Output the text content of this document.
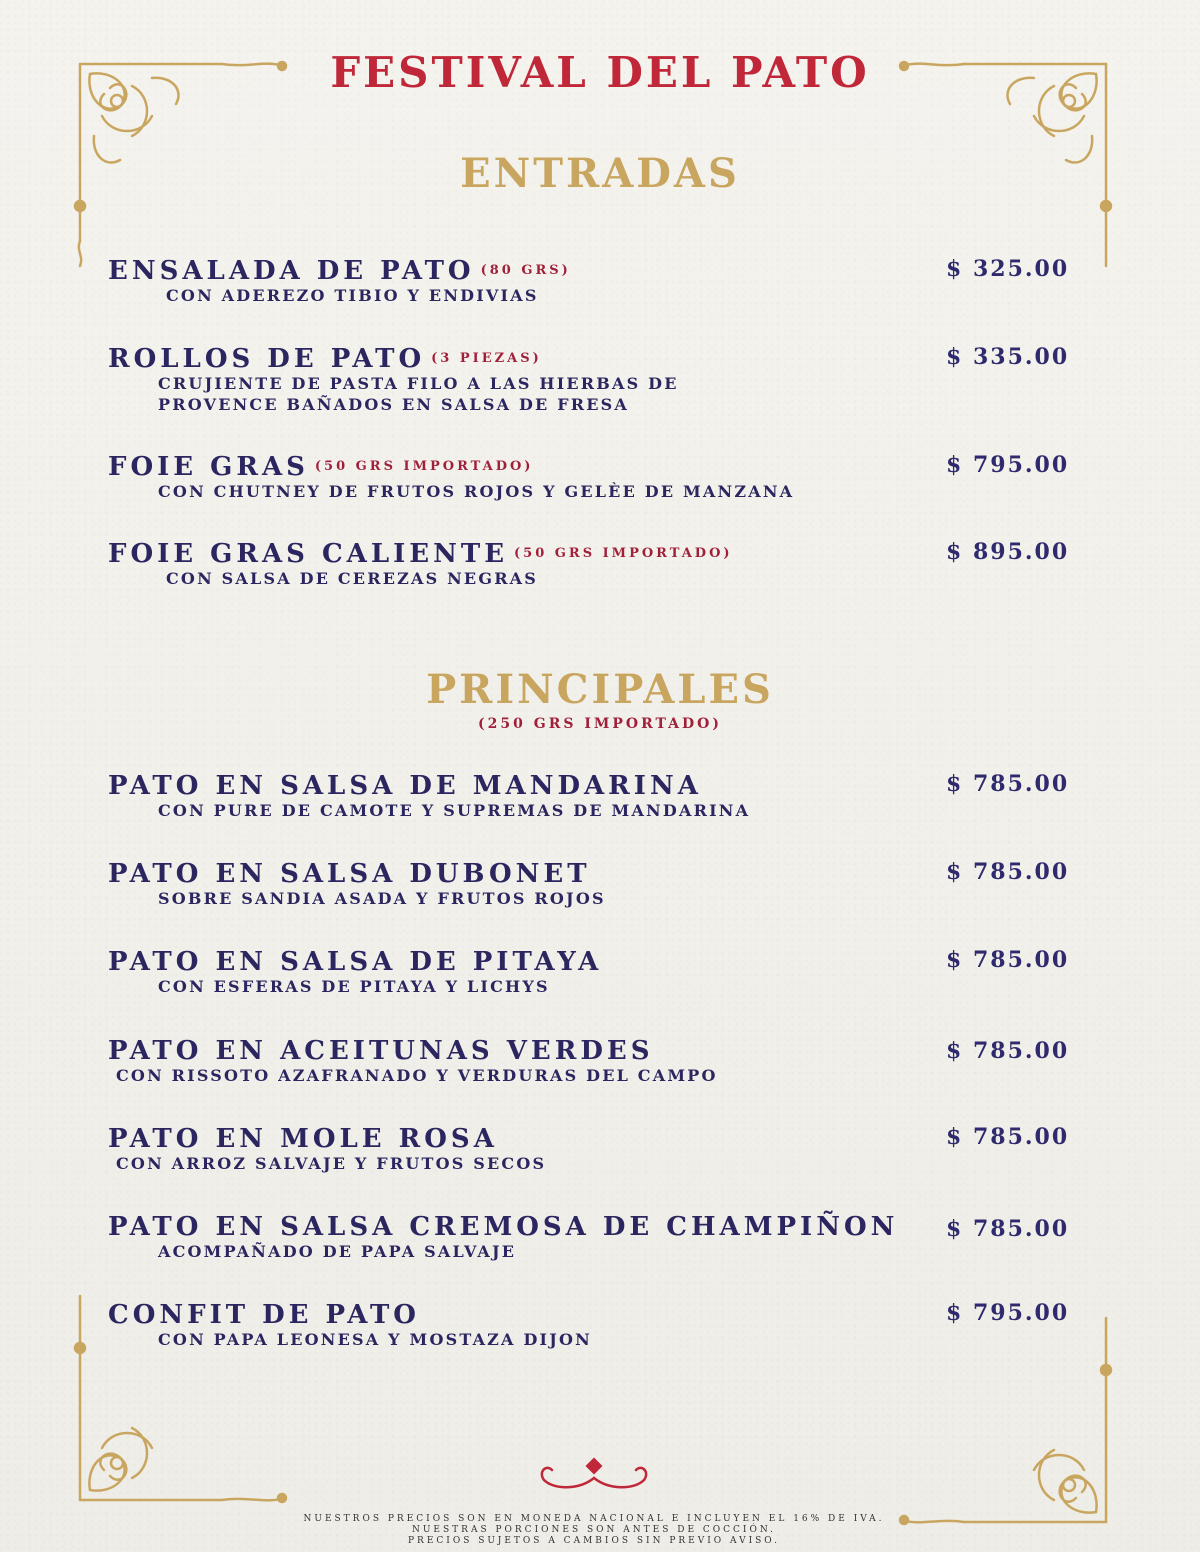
FESTIVAL DEL PATO
ENTRADAS
ENSALADA DE PATO (80 GRS)
CON ADEREZO TIBIO Y ENDIVIAS
$ 325.00
ROLLOS DE PATO (3 PIEZAS)
CRUJIENTE DE PASTA FILO A LAS HIERBAS DE
PROVENCE BAÑADOS EN SALSA DE FRESA
$ 335.00
FOIE GRAS (50 GRS IMPORTADO)
CON CHUTNEY DE FRUTOS ROJOS Y GELÈE DE MANZANA
$ 795.00
FOIE GRAS CALIENTE (50 GRS IMPORTADO)
CON SALSA DE CEREZAS NEGRAS
$ 895.00
PRINCIPALES
(250 GRS IMPORTADO)
PATO EN SALSA DE MANDARINA
CON PURE DE CAMOTE Y SUPREMAS DE MANDARINA
$ 785.00
PATO EN SALSA DUBONET
SOBRE SANDIA ASADA Y FRUTOS ROJOS
$ 785.00
PATO EN SALSA DE PITAYA
CON ESFERAS DE PITAYA Y LICHYS
$ 785.00
PATO EN ACEITUNAS VERDES
CON RISSOTO AZAFRANADO Y VERDURAS DEL CAMPO
$ 785.00
PATO EN MOLE ROSA
CON ARROZ SALVAJE Y FRUTOS SECOS
$ 785.00
PATO EN SALSA CREMOSA DE CHAMPIÑON
ACOMPAÑADO DE PAPA SALVAJE
$ 785.00
CONFIT DE PATO
CON PAPA LEONESA Y MOSTAZA DIJON
$ 795.00
NUESTROS PRECIOS SON EN MONEDA NACIONAL E INCLUYEN EL 16% DE IVA.
NUESTRAS PORCIONES SON ANTES DE COCCIÓN.
PRECIOS SUJETOS A CAMBIOS SIN PREVIO AVISO.
